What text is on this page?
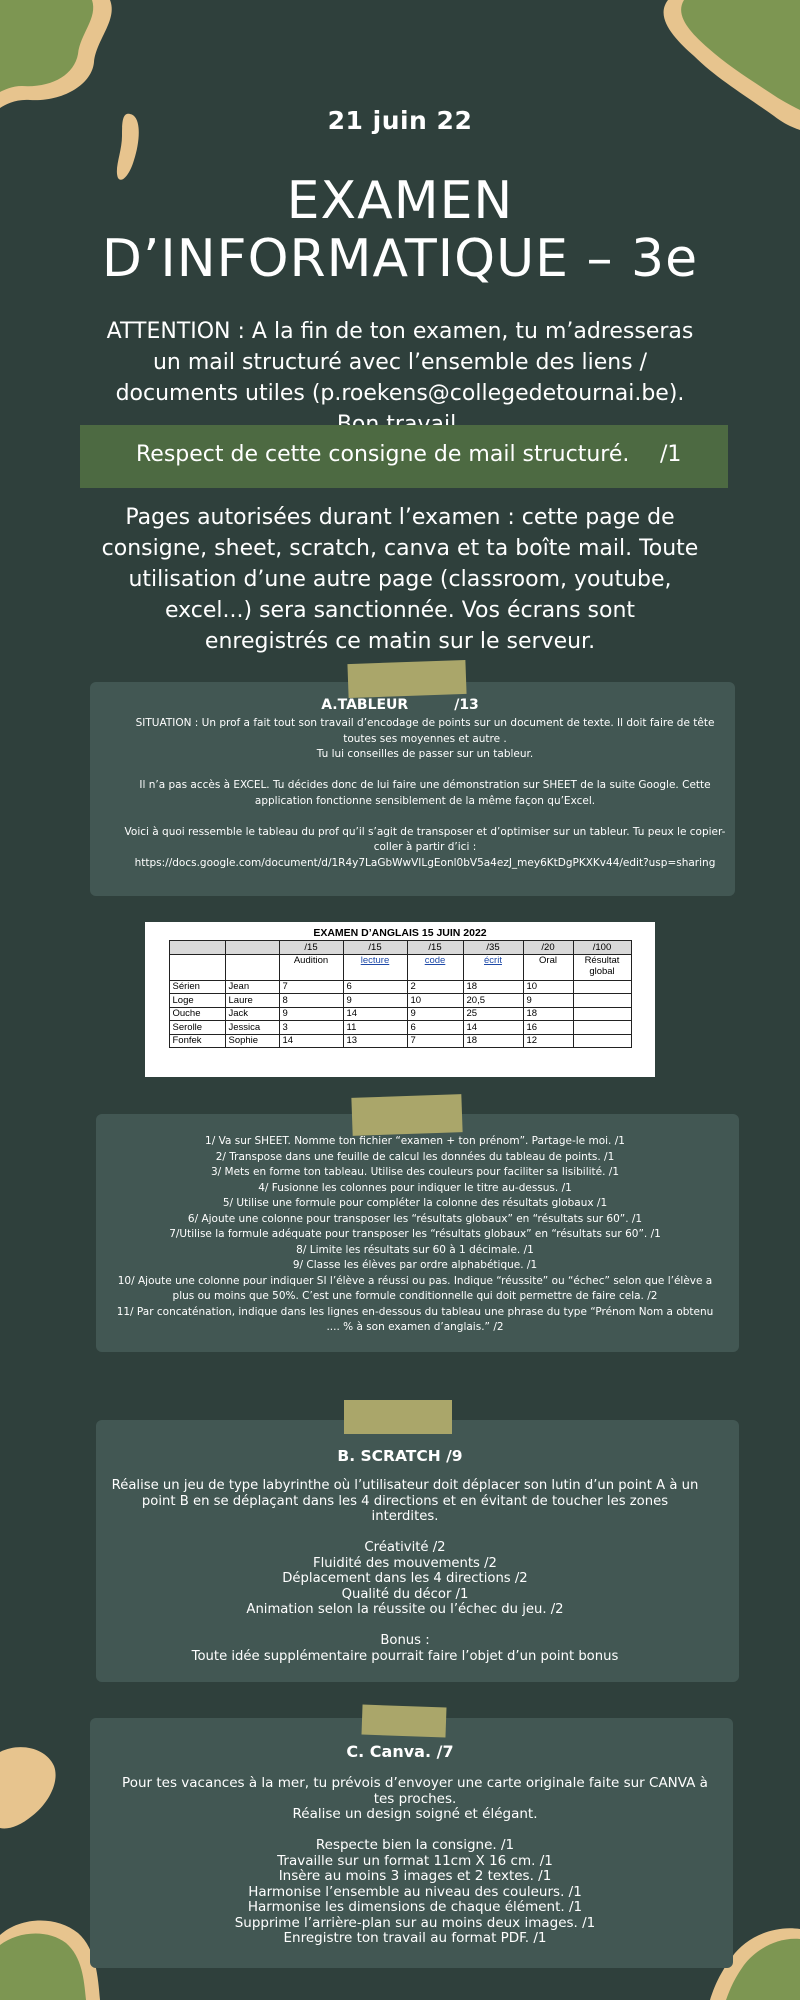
21 juin 22
EXAMEN
D’INFORMATIQUE – 3e
ATTENTION : A la fin de ton examen, tu m’adresseras un mail structuré avec l’ensemble des liens / documents utiles (p.roekens@collegedetournai.be).
Respect de cette consigne de mail structuré. /1
Pages autorisées durant l’examen : cette page de consigne, sheet, scratch, canva et ta boîte mail. Toute utilisation d’une autre page (classroom, youtube, excel...) sera sanctionnée. Vos écrans sont enregistrés ce matin sur le serveur.
A.TABLEUR	/13
SITUATION : Un prof a fait tout son travail d’encodage de points sur un document de texte. Il doit faire de tête toutes ses moyennes et autre .
Tu lui conseilles de passer sur un tableur.
Il n’a pas accès à EXCEL. Tu décides donc de lui faire une démonstration sur SHEET de la suite Google. Cette application fonctionne sensiblement de la même façon qu’Excel.
Voici à quoi ressemble le tableau du prof qu’il s’agit de transposer et d’optimiser sur un tableur. Tu peux le copier-coller à partir d’ici :
https://docs.google.com/document/d/1R4y7LaGbWwVILgEonl0bV5a4ezJ_mey6KtDgPKXKv44/edit?usp=sharing
EXAMEN D’ANGLAIS 15 JUIN 2022
		/15	/15	/15	/35	/20	/100
		Audition	lecture	code	écrit	Oral	Résultat global
Sérien	Jean	7	6	2	18	10	
Loge	Laure	8	9	10	20,5	9	
Ouche	Jack	9	14	9	25	18	
Serolle	Jessica	3	11	6	14	16	
Fonfek	Sophie	14	13	7	18	12	
1/ Va sur SHEET. Nomme ton fichier “examen + ton prénom”. Partage-le moi. /1
2/ Transpose dans une feuille de calcul les données du tableau de points. /1
3/ Mets en forme ton tableau. Utilise des couleurs pour faciliter sa lisibilité. /1
4/ Fusionne les colonnes pour indiquer le titre au-dessus. /1
5/ Utilise une formule pour compléter la colonne des résultats globaux /1
6/ Ajoute une colonne pour transposer les “résultats globaux” en “résultats sur 60”. /1
7/Utilise la formule adéquate pour transposer les “résultats globaux” en “résultats sur 60”. /1
8/ Limite les résultats sur 60 à 1 décimale. /1
9/ Classe les élèves par ordre alphabétique. /1
10/ Ajoute une colonne pour indiquer SI l’élève a réussi ou pas. Indique “réussite” ou “échec” selon que l’élève a plus ou moins que 50%. C’est une formule conditionnelle qui doit permettre de faire cela. /2
11/ Par concaténation, indique dans les lignes en-dessous du tableau une phrase du type “Prénom Nom a obtenu .... % à son examen d’anglais.” /2
B. SCRATCH /9
Réalise un jeu de type labyrinthe où l’utilisateur doit déplacer son lutin d’un point A à un point B en se déplaçant dans les 4 directions et en évitant de toucher les zones interdites.
Créativité /2
Fluidité des mouvements /2
Déplacement dans les 4 directions /2
Qualité du décor /1
Animation selon la réussite ou l’échec du jeu. /2
Bonus :
Toute idée supplémentaire pourrait faire l’objet d’un point bonus
C. Canva. /7
Pour tes vacances à la mer, tu prévois d’envoyer une carte originale faite sur CANVA à tes proches.
Réalise un design soigné et élégant.
Respecte bien la consigne. /1
Travaille sur un format 11cm X 16 cm. /1
Insère au moins 3 images et 2 textes. /1
Harmonise l’ensemble au niveau des couleurs. /1
Harmonise les dimensions de chaque élément. /1
Supprime l’arrière-plan sur au moins deux images. /1
Enregistre ton travail au format PDF. /1
